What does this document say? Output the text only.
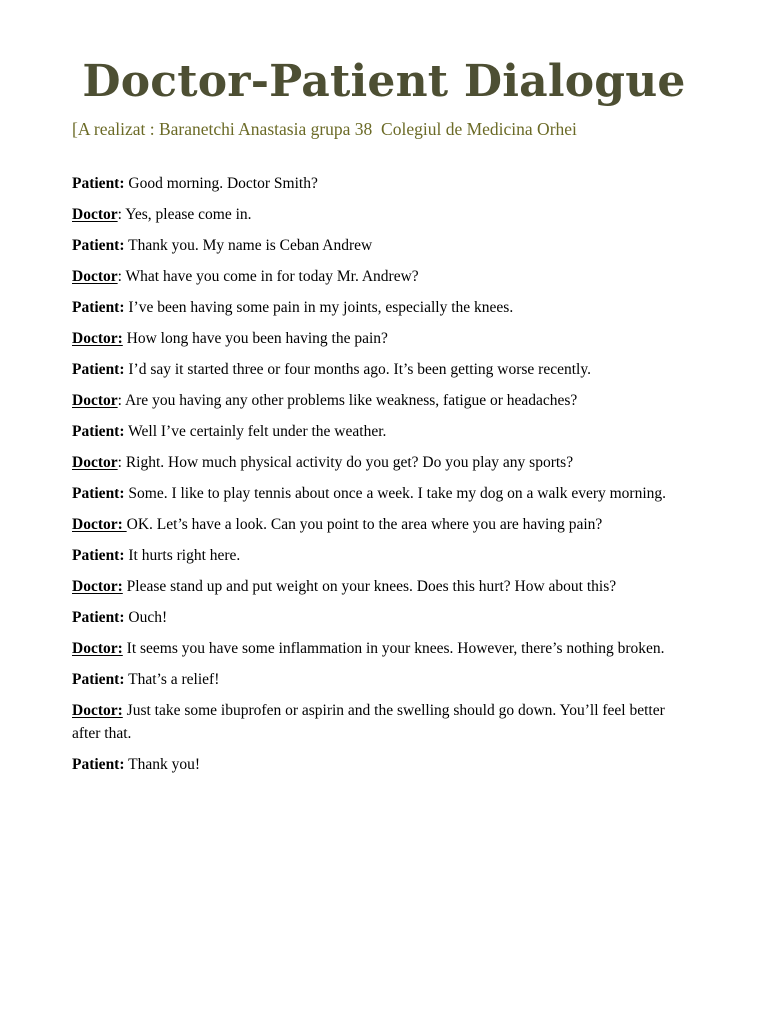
Doctor-Patient Dialogue

[A realizat : Baranetchi Anastasia grupa 38  Colegiul de Medicina Orhei

Patient: Good morning. Doctor Smith?

Doctor: Yes, please come in.

Patient: Thank you. My name is Ceban Andrew

Doctor: What have you come in for today Mr. Andrew?

Patient: I’ve been having some pain in my joints, especially the knees.

Doctor: How long have you been having the pain?

Patient: I’d say it started three or four months ago. It’s been getting worse recently.

Doctor: Are you having any other problems like weakness, fatigue or headaches?

Patient: Well I’ve certainly felt under the weather.

Doctor: Right. How much physical activity do you get? Do you play any sports?

Patient: Some. I like to play tennis about once a week. I take my dog on a walk every morning.

Doctor: OK. Let’s have a look. Can you point to the area where you are having pain?

Patient: It hurts right here.

Doctor: Please stand up and put weight on your knees. Does this hurt? How about this?

Patient: Ouch!

Doctor: It seems you have some inflammation in your knees. However, there’s nothing broken.

Patient: That’s a relief!

Doctor: Just take some ibuprofen or aspirin and the swelling should go down. You’ll feel better after that.

Patient: Thank you!
